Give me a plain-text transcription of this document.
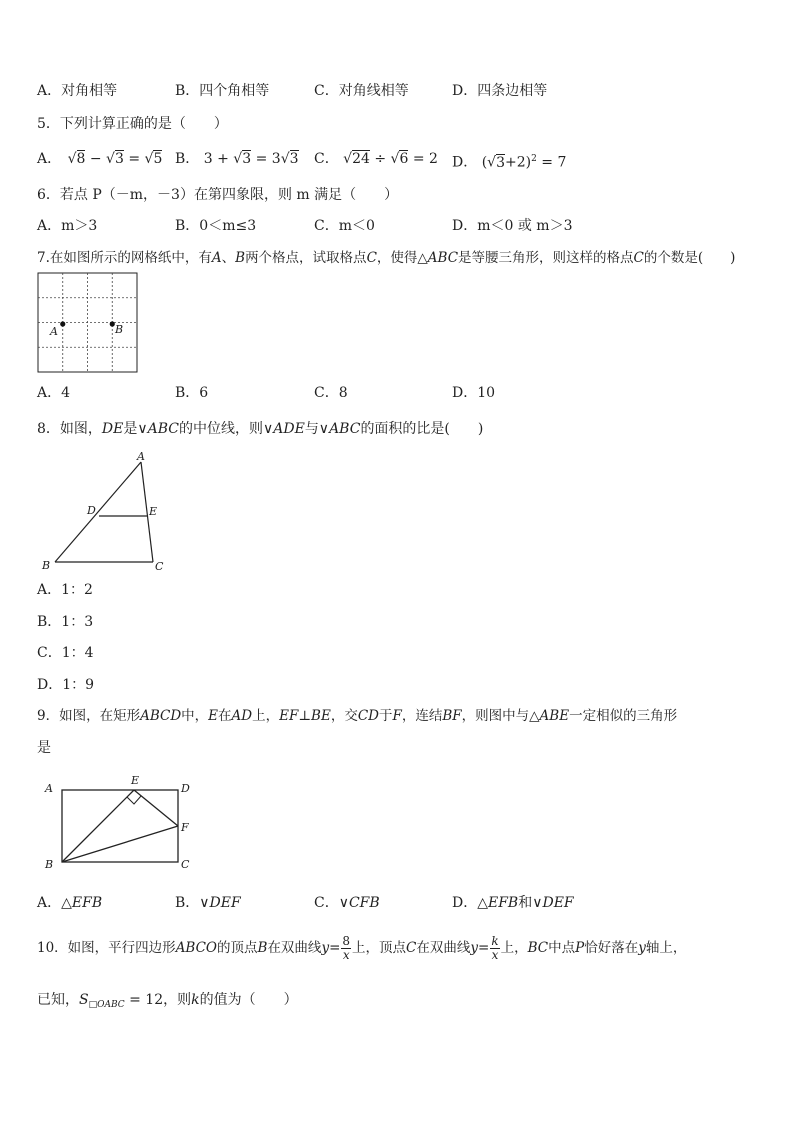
A．对角相等	B．四个角相等	C．对角线相等	D．四条边相等
5．下列计算正确的是（　　）
A． √8 − √3 = √5 B． 3 + √3 = 3√3 C． √24 ÷ √6 = 2 D． $(√3+2)^2 = 7$
6．若点 P（－m，－3）在第四象限，则 m 满足（　　）
A．m＞3	B．0＜m≤3	C．m＜0	D．m＜0 或 m＞3
7.在如图所示的网格纸中，有A、B两个格点，试取格点C，使得△ABC是等腰三角形，则这样的格点C的个数是(　　)
A	B
A．4	B．6	C．8	D．10
8．如图，DE是∨ABC的中位线，则∨ADE与∨ABC的面积的比是(　　)
A
B	C
D	E
A．1：2
B．1：3
C．1：4
D．1：9
9．如图，在矩形ABCD中，E在AD上，EF⊥BE，交CD于F，连结BF，则图中与△ABE一定相似的三角形
是
A
B	C
D
E
F
A．△EFB	B．∨DEF	C．∨CFB	D．△EFB和∨DEF
10．如图，平行四边形ABCO的顶点B在双曲线$y= \frac{8}{x}$ 上，顶点C在双曲线$y= \frac{k}{x}$ 上，BC中点P恰好落在y轴上，
已知，$S_{□OABC} = 12$，则k的值为（　　）
